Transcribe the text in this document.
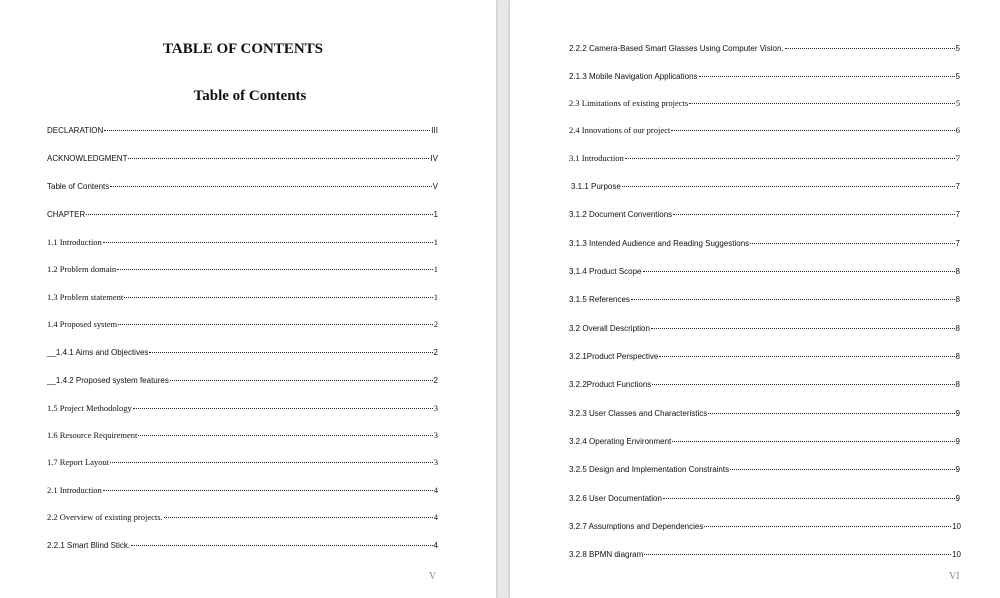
TABLE OF CONTENTS
Table of Contents
DECLARATION	III
ACKNOWLEDGMENT	IV
Table of Contents	V
CHAPTER	1
1.1 Introduction	1
1.2 Problem domain	1
1.3 Problem statement	1
1.4 Proposed system	2
__1.4.1 Aims and Objectives	2
__1.4.2 Proposed system features	2
1.5 Project Methodology	3
1.6 Resource Requirement	3
1.7 Report Layout	3
2.1 Introduction	4
2.2 Overview of existing projects.	4
2.2.1 Smart Blind Stick.	4
V
2.2.2 Camera-Based Smart Glasses Using Computer Vision.	5
2.1.3 Mobile Navigation Applications	5
2.3 Limitations of existing projects	5
2.4 Innovations of our project	6
3.1 Introduction	7
3.1.1 Purpose	7
3.1.2 Document Conventions	7
3.1.3 Intended Audience and Reading Suggestions	7
3.1.4 Product Scope	8
3.1.5 References	8
3.2 Overall Description	8
3.2.1Product Perspective	8
3.2.2Product Functions	8
3.2.3 User Classes and Characteristics	9
3.2.4 Operating Environment	9
3.2.5 Design and Implementation Constraints	9
3.2.6 User Documentation	9
3.2.7 Assumptions and Dependencies	10
3.2.8 BPMN diagram	10
VI
